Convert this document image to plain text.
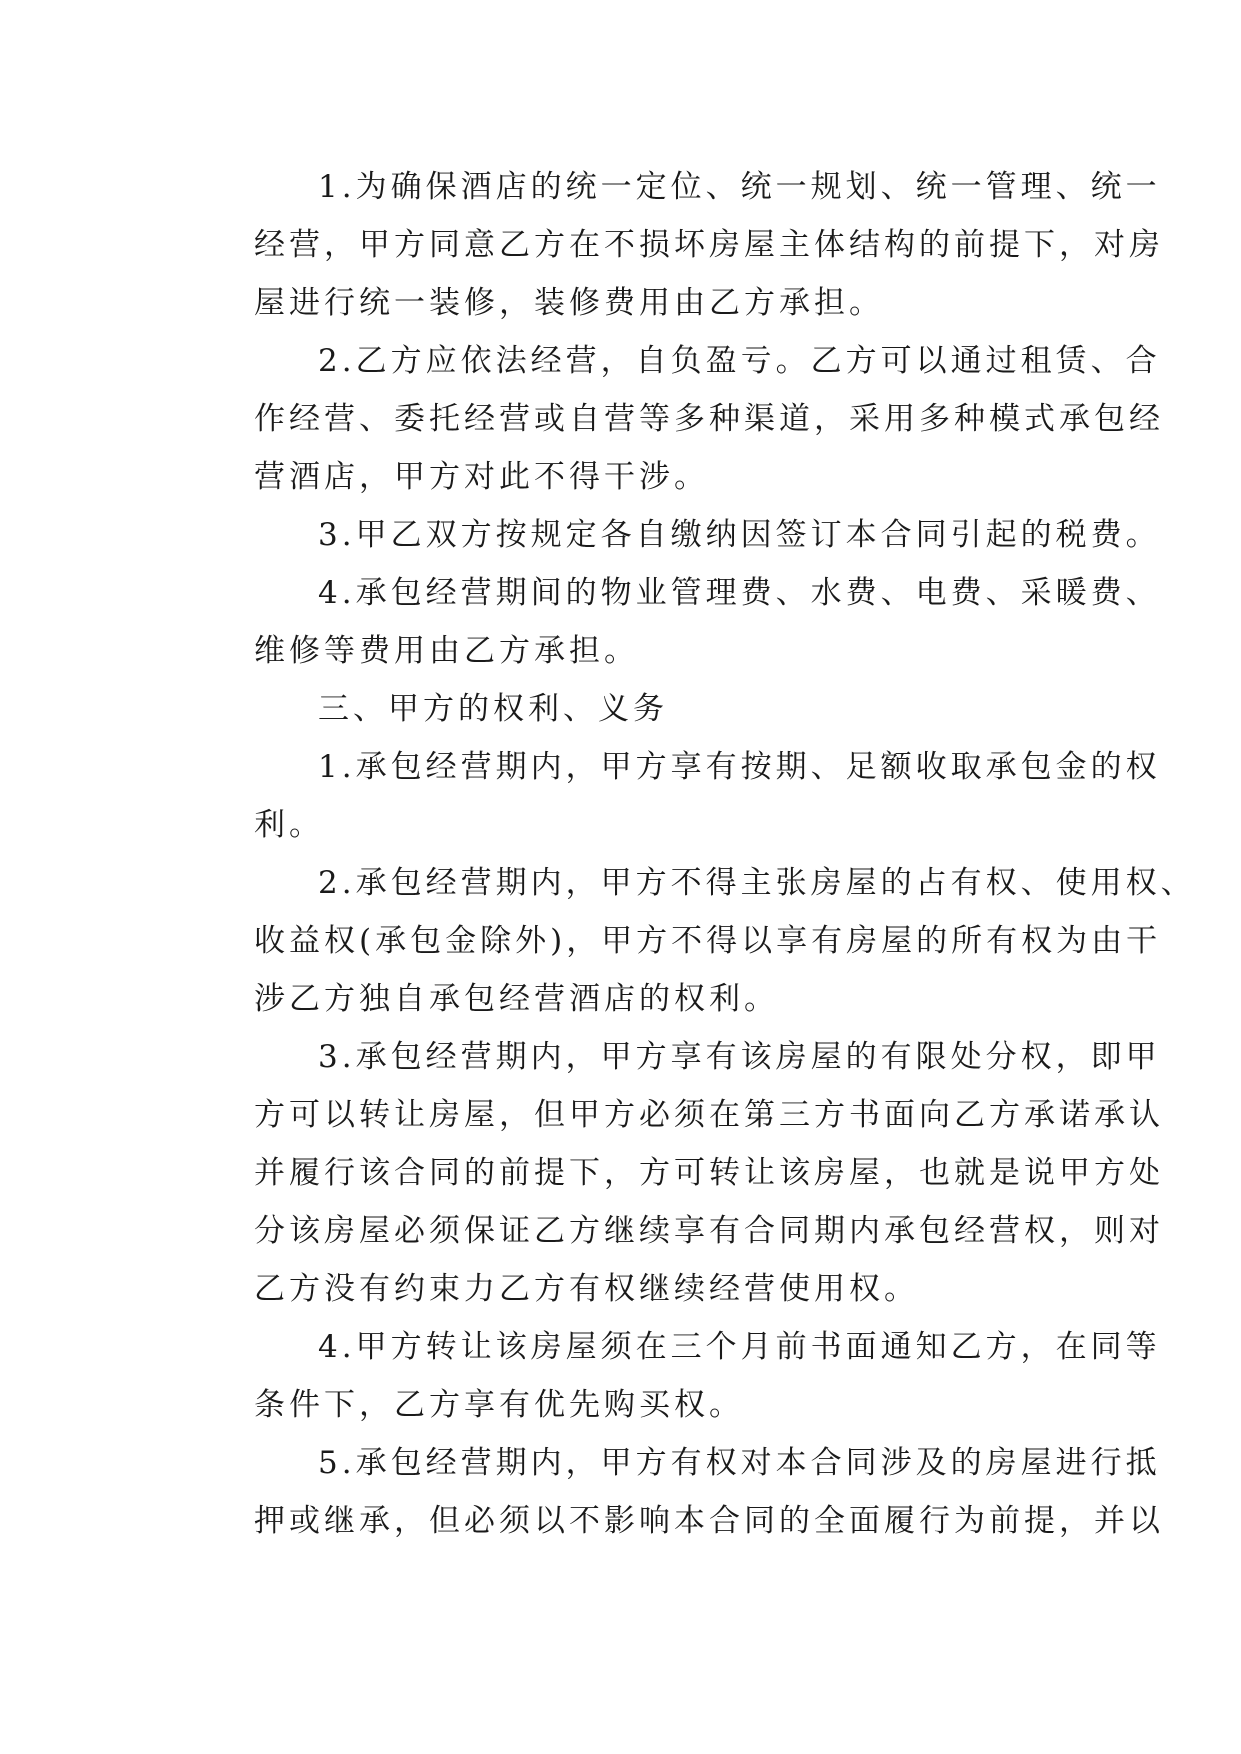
1.为确保酒店的统一定位、统一规划、统一管理、统一
经营，甲方同意乙方在不损坏房屋主体结构的前提下，对房
屋进行统一装修，装修费用由乙方承担。
2.乙方应依法经营，自负盈亏。乙方可以通过租赁、合
作经营、委托经营或自营等多种渠道，采用多种模式承包经
营酒店，甲方对此不得干涉。
3.甲乙双方按规定各自缴纳因签订本合同引起的税费。
4.承包经营期间的物业管理费、水费、电费、采暖费、
维修等费用由乙方承担。
三、甲方的权利、义务
1.承包经营期内，甲方享有按期、足额收取承包金的权
利。
2.承包经营期内，甲方不得主张房屋的占有权、使用权、
收益权(承包金除外)，甲方不得以享有房屋的所有权为由干
涉乙方独自承包经营酒店的权利。
3.承包经营期内，甲方享有该房屋的有限处分权，即甲
方可以转让房屋，但甲方必须在第三方书面向乙方承诺承认
并履行该合同的前提下，方可转让该房屋，也就是说甲方处
分该房屋必须保证乙方继续享有合同期内承包经营权，则对
乙方没有约束力乙方有权继续经营使用权。
4.甲方转让该房屋须在三个月前书面通知乙方，在同等
条件下，乙方享有优先购买权。
5.承包经营期内，甲方有权对本合同涉及的房屋进行抵
押或继承，但必须以不影响本合同的全面履行为前提，并以
